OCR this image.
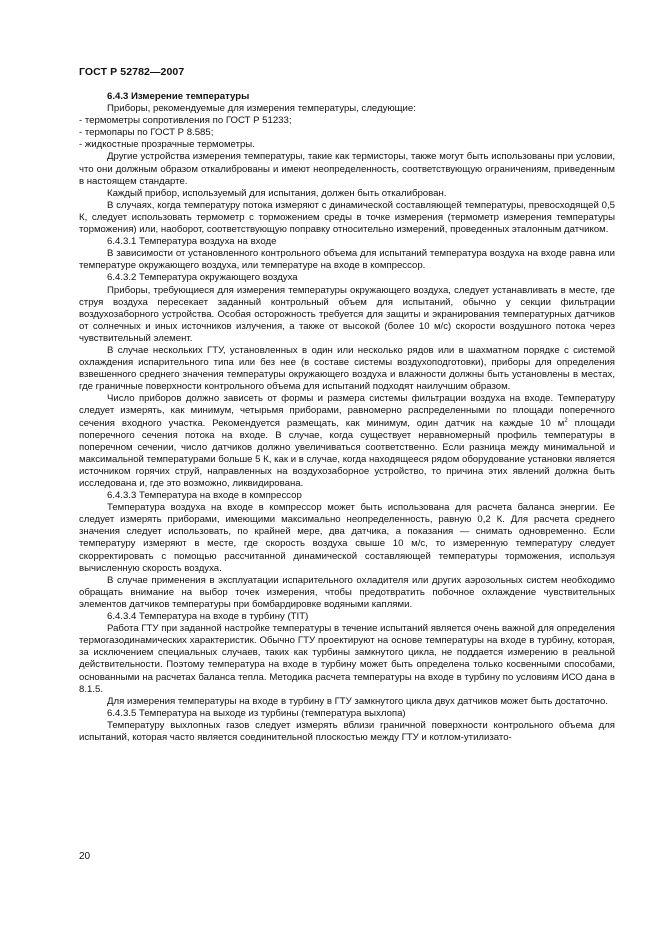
ГОСТ Р 52782—2007

6.4.3 Измерение температуры

Приборы, рекомендуемые для измерения температуры, следующие:

- термометры сопротивления по ГОСТ Р 51233;

- термопары по ГОСТ Р 8.585;

- жидкостные прозрачные термометры.

Другие устройства измерения температуры, такие как термисторы, также могут быть использованы при условии, что они должным образом откалиброваны и имеют неопределенность, соответствующую ограничениям, приведенным в настоящем стандарте.

Каждый прибор, используемый для испытания, должен быть откалиброван.

В случаях, когда температуру потока измеряют с динамической составляющей температуры, превосходящей 0,5 К, следует использовать термометр с торможением среды в точке измерения (термометр измерения температуры торможения) или, наоборот, соответствующую поправку относительно измерений, проведенных эталонным датчиком.

6.4.3.1 Температура воздуха на входе

В зависимости от установленного контрольного объема для испытаний температура воздуха на входе равна или температуре окружающего воздуха, или температуре на входе в компрессор.

6.4.3.2 Температура окружающего воздуха

Приборы, требующиеся для измерения температуры окружающего воздуха, следует устанавливать в месте, где струя воздуха пересекает заданный контрольный объем для испытаний, обычно у секции фильтрации воздухозаборного устройства. Особая осторожность требуется для защиты и экранирования температурных датчиков от солнечных и иных источников излучения, а также от высокой (более 10 м/с) скорости воздушного потока через чувствительный элемент.

В случае нескольких ГТУ, установленных в один или несколько рядов или в шахматном порядке с системой охлаждения испарительного типа или без нее (в составе системы воздухоподготовки), приборы для определения взвешенного среднего значения температуры окружающего воздуха и влажности должны быть установлены в местах, где граничные поверхности контрольного объема для испытаний подходят наилучшим образом.

Число приборов должно зависеть от формы и размера системы фильтрации воздуха на входе. Температуру следует измерять, как минимум, четырьмя приборами, равномерно распределенными по площади поперечного сечения входного участка. Рекомендуется размещать, как минимум, один датчик на каждые 10 $м^2$ площади поперечного сечения потока на входе. В случае, когда существует неравномерный профиль температуры в поперечном сечении, число датчиков должно увеличиваться соответственно. Если разница между минимальной и максимальной температурами больше 5 К, как и в случае, когда находящееся рядом оборудование установки является источником горячих струй, направленных на воздухозаборное устройство, то причина этих явлений должна быть исследована и, где это возможно, ликвидирована.

6.4.3.3 Температура на входе в компрессор

Температура воздуха на входе в компрессор может быть использована для расчета баланса энергии. Ее следует измерять приборами, имеющими максимально неопределенность, равную 0,2 К. Для расчета среднего значения следует использовать, по крайней мере, два датчика, а показания — снимать одновременно. Если температуру измеряют в месте, где скорость воздуха свыше 10 м/с, то измеренную температуру следует скорректировать с помощью рассчитанной динамической составляющей температуры торможения, используя вычисленную скорость воздуха.

В случае применения в эксплуатации испарительного охладителя или других аэрозольных систем необходимо обращать внимание на выбор точек измерения, чтобы предотвратить побочное охлаждение чувствительных элементов датчиков температуры при бомбардировке водяными каплями.

6.4.3.4 Температура на входе в турбину (TIT)

Работа ГТУ при заданной настройке температуры в течение испытаний является очень важной для определения термогазодинамических характеристик. Обычно ГТУ проектируют на основе температуры на входе в турбину, которая, за исключением специальных случаев, таких как турбины замкнутого цикла, не поддается измерению в реальной действительности. Поэтому температура на входе в турбину может быть определена только косвенными способами, основанными на расчетах баланса тепла. Методика расчета температуры на входе в турбину по условиям ИСО дана в 8.1.5.

Для измерения температуры на входе в турбину в ГТУ замкнутого цикла двух датчиков может быть достаточно.

6.4.3.5 Температура на выходе из турбины (температура выхлопа)

Температуру выхлопных газов следует измерять вблизи граничной поверхности контрольного объема для испытаний, которая часто является соединительной плоскостью между ГТУ и котлом-утилизато-

20
